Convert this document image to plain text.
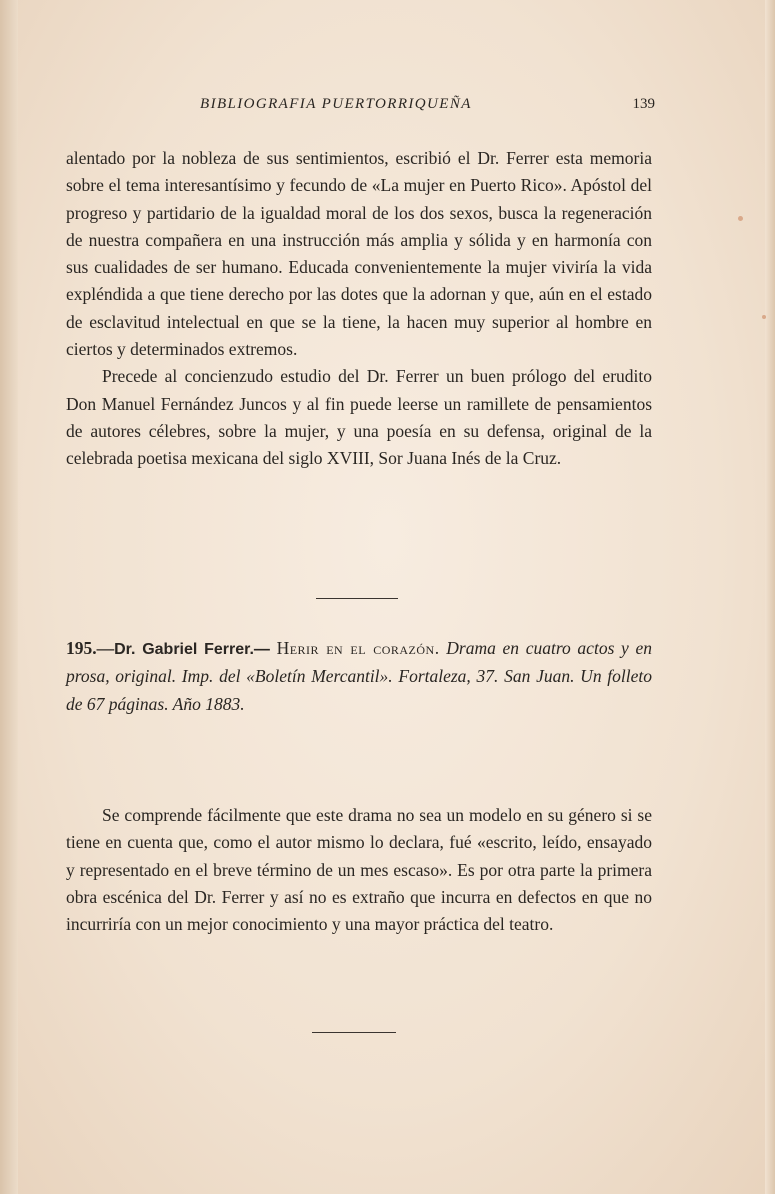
BIBLIOGRAFIA PUERTORRIQUEÑA	139

alentado por la nobleza de sus sentimientos, escribió el Dr. Ferrer esta memoria sobre el tema interesantísimo y fecundo de «La mujer en Puerto Rico». Apóstol del progreso y partidario de la igualdad moral de los dos sexos, busca la regeneración de nuestra compañera en una instrucción más amplia y sólida y en harmonía con sus cualidades de ser humano. Educada convenientemente la mujer viviría la vida expléndida a que tiene derecho por las dotes que la adornan y que, aún en el estado de esclavitud intelectual en que se la tiene, la hacen muy superior al hombre en ciertos y determinados extremos.

Precede al concienzudo estudio del Dr. Ferrer un buen prólogo del erudito Don Manuel Fernández Juncos y al fin puede leerse un ramillete de pensamientos de autores célebres, sobre la mujer, y una poesía en su defensa, original de la celebrada poetisa mexicana del siglo XVIII, Sor Juana Inés de la Cruz.

195.—Dr. Gabriel Ferrer.— Herir en el corazón. Drama en cuatro actos y en prosa, original. Imp. del «Boletín Mercantil». Fortaleza, 37. San Juan. Un folleto de 67 páginas. Año 1883.

Se comprende fácilmente que este drama no sea un modelo en su género si se tiene en cuenta que, como el autor mismo lo declara, fué «escrito, leído, ensayado y representado en el breve término de un mes escaso». Es por otra parte la primera obra escénica del Dr. Ferrer y así no es extraño que incurra en defectos en que no incurriría con un mejor conocimiento y una mayor práctica del teatro.
